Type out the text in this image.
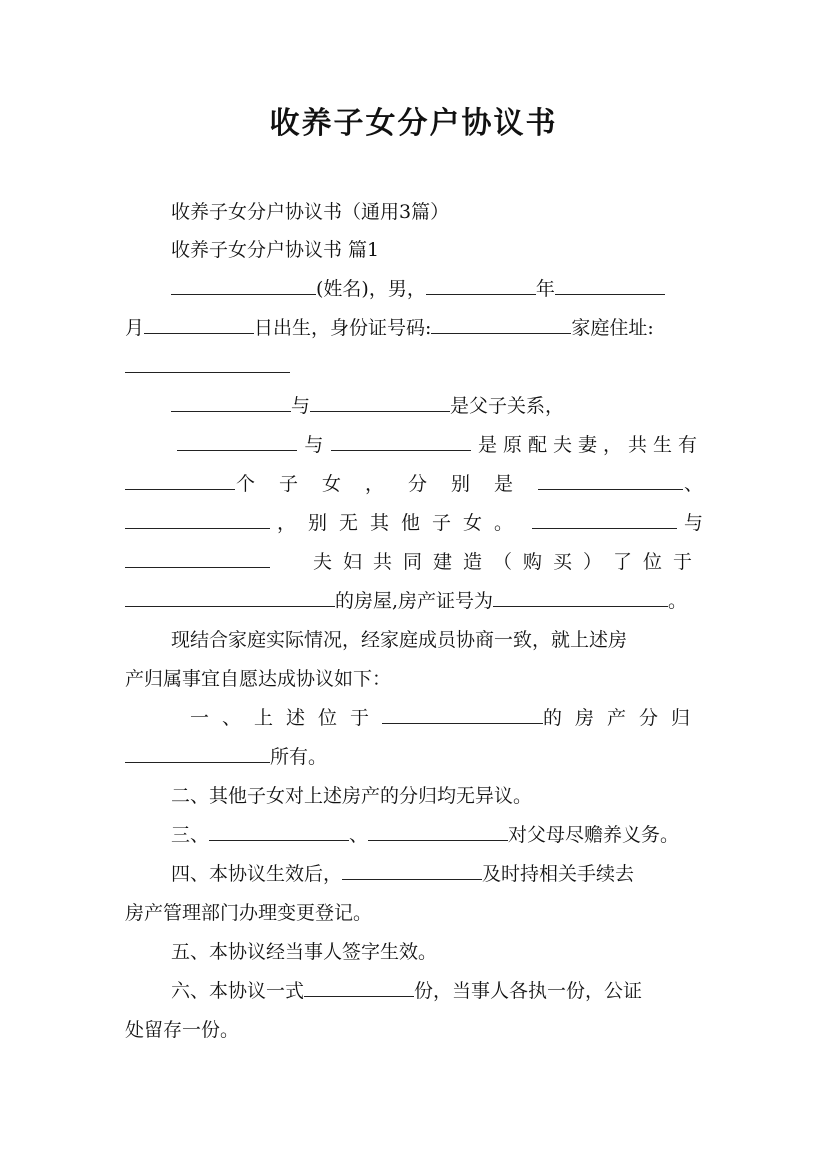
收养子女分户协议书
收养子女分户协议书（通用3篇）
收养子女分户协议书 篇1
(姓名)，男，	年
月	日出生，身份证号码:	家庭住址:
与	是父子关系，
与	是原配夫妻，共生有
个子女，分别是	、
，别无其他子女。	与
夫妇共同建造（购买）了位于
的房屋,房产证号为	。
现结合家庭实际情况，经家庭成员协商一致，就上述房
产归属事宜自愿达成协议如下：
一、上述位于	的房产分归
所有。
二、其他子女对上述房产的分归均无异议。
三、	、	对父母尽赡养义务。
四、本协议生效后，	及时持相关手续去
房产管理部门办理变更登记。
五、本协议经当事人签字生效。
六、本协议一式	份，当事人各执一份，公证
处留存一份。
